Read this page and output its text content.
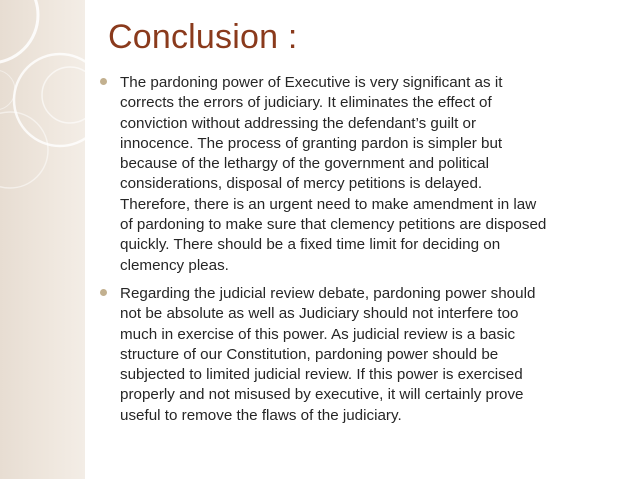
Conclusion :

The pardoning power of Executive is very significant as it corrects the errors of judiciary. It eliminates the effect of conviction without addressing the defendant’s guilt or innocence. The process of granting pardon is simpler but because of the lethargy of the government and political considerations, disposal of mercy petitions is delayed. Therefore, there is an urgent need to make amendment in law of pardoning to make sure that clemency petitions are disposed quickly. There should be a fixed time limit for deciding on clemency pleas.

Regarding the judicial review debate, pardoning power should not be absolute as well as Judiciary should not interfere too much in exercise of this power. As judicial review is a basic structure of our Constitution, pardoning power should be subjected to limited judicial review. If this power is exercised properly and not misused by executive, it will certainly prove useful to remove the flaws of the judiciary.
